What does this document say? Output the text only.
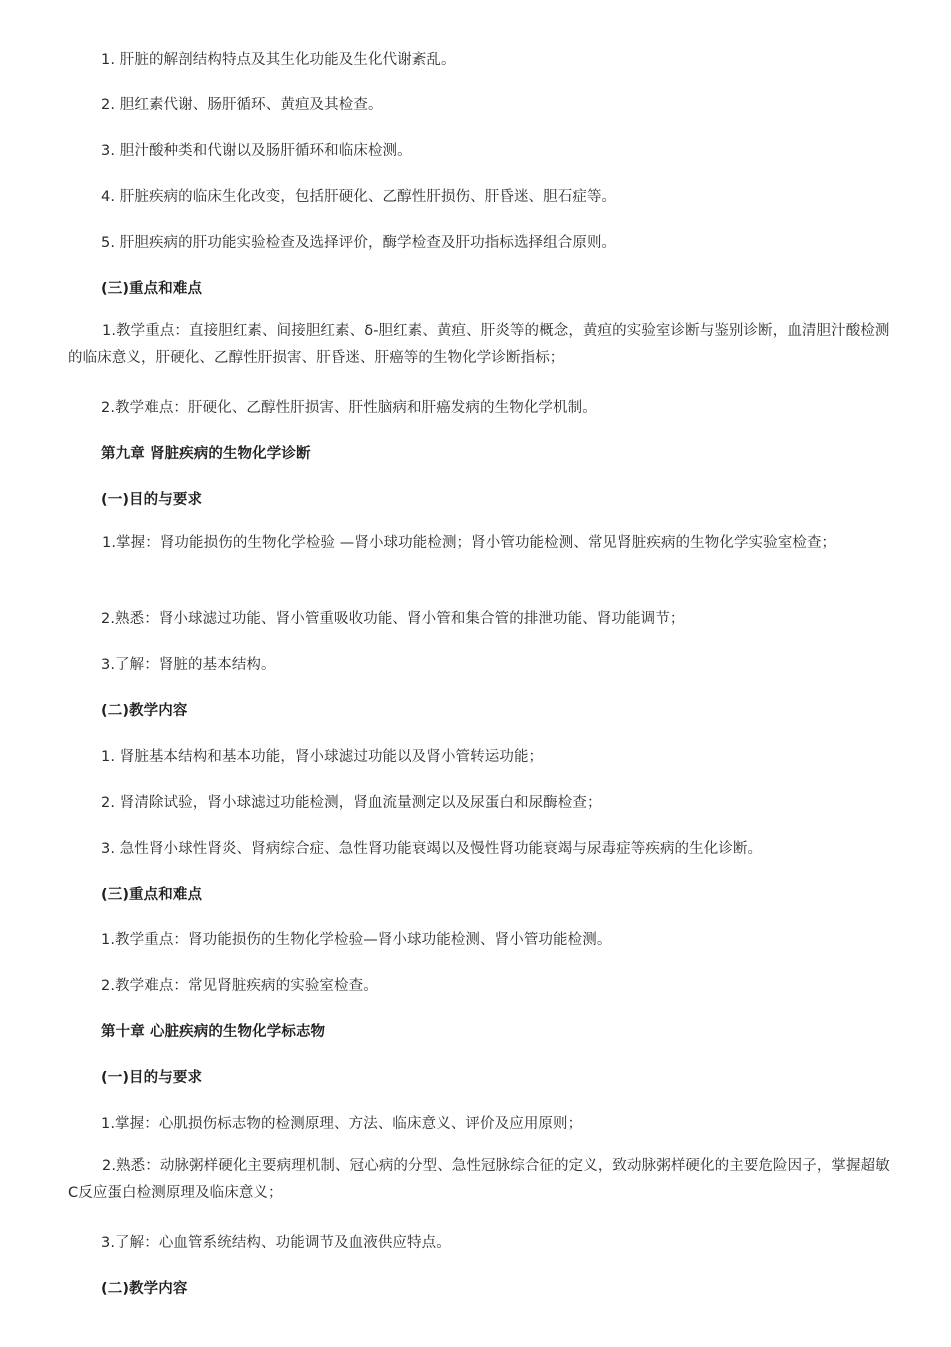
1. 肝脏的解剖结构特点及其生化功能及生化代谢紊乱。

2. 胆红素代谢、肠肝循环、黄疸及其检查。

3. 胆汁酸种类和代谢以及肠肝循环和临床检测。

4. 肝脏疾病的临床生化改变，包括肝硬化、乙醇性肝损伤、肝昏迷、胆石症等。

5. 肝胆疾病的肝功能实验检查及选择评价，酶学检查及肝功指标选择组合原则。

(三)重点和难点

1.教学重点：直接胆红素、间接胆红素、δ-胆红素、黄疸、肝炎等的概念，黄疸的实验室诊断与鉴别诊断，血清胆汁酸检测的临床意义，肝硬化、乙醇性肝损害、肝昏迷、肝癌等的生物化学诊断指标；

2.教学难点：肝硬化、乙醇性肝损害、肝性脑病和肝癌发病的生物化学机制。

第九章 肾脏疾病的生物化学诊断

(一)目的与要求

1.掌握：肾功能损伤的生物化学检验 —肾小球功能检测；肾小管功能检测、常见肾脏疾病的生物化学实验室检查；

2.熟悉：肾小球滤过功能、肾小管重吸收功能、肾小管和集合管的排泄功能、肾功能调节；

3.了解：肾脏的基本结构。

(二)教学内容

1. 肾脏基本结构和基本功能，肾小球滤过功能以及肾小管转运功能；

2. 肾清除试验，肾小球滤过功能检测，肾血流量测定以及尿蛋白和尿酶检查；

3. 急性肾小球性肾炎、肾病综合症、急性肾功能衰竭以及慢性肾功能衰竭与尿毒症等疾病的生化诊断。

(三)重点和难点

1.教学重点：肾功能损伤的生物化学检验—肾小球功能检测、肾小管功能检测。

2.教学难点：常见肾脏疾病的实验室检查。

第十章 心脏疾病的生物化学标志物

(一)目的与要求

1.掌握：心肌损伤标志物的检测原理、方法、临床意义、评价及应用原则；

2.熟悉：动脉粥样硬化主要病理机制、冠心病的分型、急性冠脉综合征的定义，致动脉粥样硬化的主要危险因子，掌握超敏C反应蛋白检测原理及临床意义；

3.了解：心血管系统结构、功能调节及血液供应特点。

(二)教学内容
